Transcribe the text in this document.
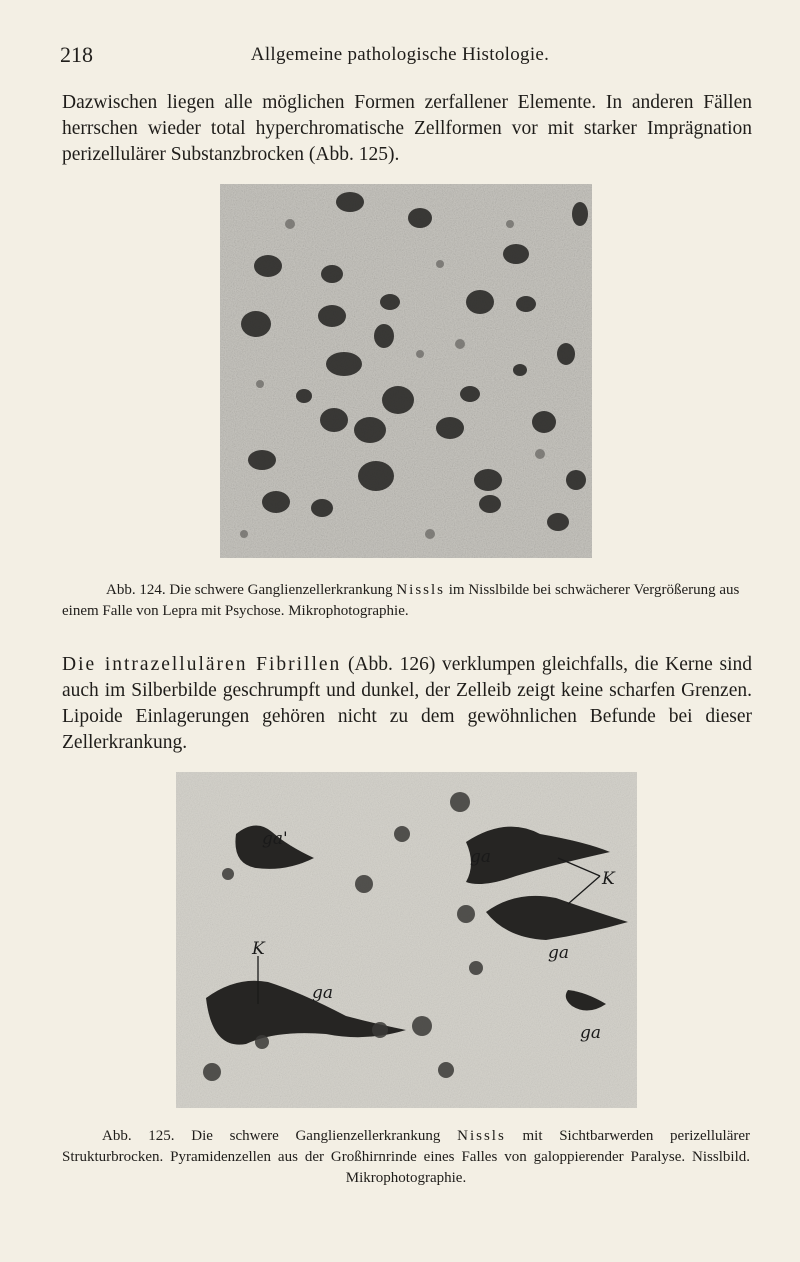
218	Allgemeine pathologische Histologie.

Dazwischen liegen alle möglichen Formen zerfallener Elemente. In anderen Fällen herrschen wieder total hyperchromatische Zellformen vor mit starker Imprägnation perizellulärer Substanzbrocken (Abb. 125).

Abb. 124. Die schwere Ganglienzellerkrankung Nissls im Nisslbilde bei schwächerer Vergrößerung aus einem Falle von Lepra mit Psychose. Mikrophotographie.

Die intrazellulären Fibrillen (Abb. 126) verklumpen gleichfalls, die Kerne sind auch im Silberbilde geschrumpft und dunkel, der Zelleib zeigt keine scharfen Grenzen. Lipoide Einlagerungen gehören nicht zu dem gewöhnlichen Befunde bei dieser Zellerkrankung.

ga'
ga
K
K	ga
ga
ga

Abb. 125. Die schwere Ganglienzellerkrankung Nissls mit Sichtbarwerden perizellulärer Strukturbrocken. Pyramidenzellen aus der Großhirnrinde eines Falles von galoppierender Paralyse. Nisslbild. Mikrophotographie.
